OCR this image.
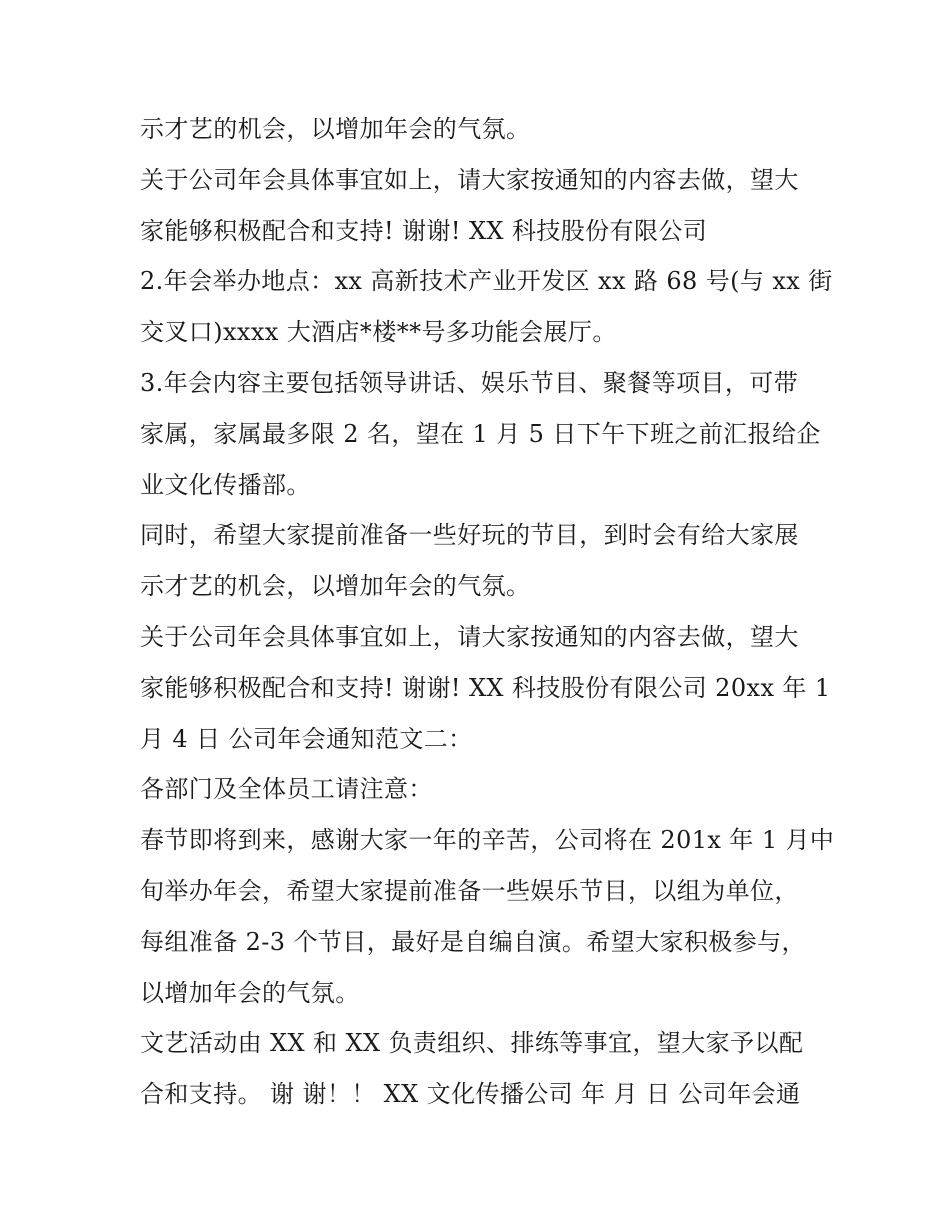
示才艺的机会，以增加年会的气氛。
关于公司年会具体事宜如上，请大家按通知的内容去做，望大
家能够积极配合和支持! 谢谢! XX 科技股份有限公司
2.年会举办地点：xx 高新技术产业开发区 xx 路 68 号(与 xx 街
交叉口)xxxx 大酒店*楼**号多功能会展厅。
3.年会内容主要包括领导讲话、娱乐节目、聚餐等项目，可带
家属，家属最多限 2 名，望在 1 月 5 日下午下班之前汇报给企
业文化传播部。
同时，希望大家提前准备一些好玩的节目，到时会有给大家展
示才艺的机会，以增加年会的气氛。
关于公司年会具体事宜如上，请大家按通知的内容去做，望大
家能够积极配合和支持! 谢谢! XX 科技股份有限公司 20xx 年 1
月 4 日 公司年会通知范文二：
各部门及全体员工请注意：
春节即将到来，感谢大家一年的辛苦，公司将在 201x 年 1 月中
旬举办年会，希望大家提前准备一些娱乐节目，以组为单位，
每组准备 2-3 个节目，最好是自编自演。希望大家积极参与，
以增加年会的气氛。
文艺活动由 XX 和 XX 负责组织、排练等事宜，望大家予以配
合和支持。 谢 谢！！ XX 文化传播公司 年 月 日 公司年会通
